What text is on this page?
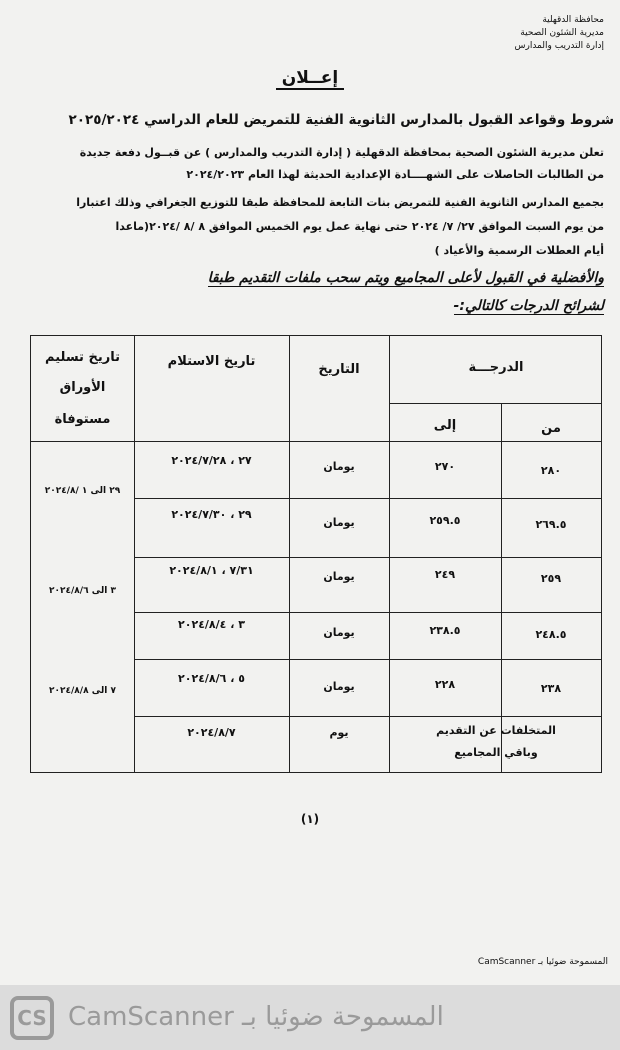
محافظة الدقهلية
مديرية الشئون الصحية
إدارة التدريب والمدارس
إعــلان
شروط وقواعد القبول بالمدارس الثانوية الفنية للتمريض للعام الدراسي ٢٠٢٥/٢٠٢٤
تعلن مديرية الشئون الصحية بمحافظة الدقهلية ( إدارة التدريب والمدارس ) عن قبــول دفعة جديدة
من الطالبات الحاصلات على الشهــــادة الإعدادية الحديثة لهذا العام ٢٠٢٤/٢٠٢٣
بجميع المدارس الثانوية الفنية للتمريض بنات التابعة للمحافظة طبقا للتوزيع الجغرافي وذلك اعتبارا
من يوم السبت الموافق ٢٧/ ٧/ ٢٠٢٤ حتى نهاية عمل يوم الخميس الموافق ٨ /٨ /٢٠٢٤(ماعدا
أيام العطلات الرسمية والأعياد )
والأفضلية في القبول لأعلى المجاميع ويتم سحب ملفات التقديم طبقا
لشرائح الدرجات كالتالي:-
الدرجـــة
من
إلى
التاريخ
تاريخ الاستلام
تاريخ تسليم
الأوراق
مستوفاة
٢٨٠
٢٧٠
يومان
٢٧ ، ٢٠٢٤/٧/٢٨
٢٦٩.٥
٢٥٩.٥
يومان
٢٩ ، ٢٠٢٤/٧/٣٠
٢٥٩
٢٤٩
يومان
٧/٣١ ، ٢٠٢٤/٨/١
٢٤٨.٥
٢٣٨.٥
يومان
٣ ، ٢٠٢٤/٨/٤
٢٣٨
٢٢٨
يومان
٥ ، ٢٠٢٤/٨/٦
المتخلفات عن التقديم
وباقي المجاميع
يوم
٢٠٢٤/٨/٧
٢٩ الى ١ /٢٠٢٤/٨
٣ الى ٢٠٢٤/٨/٦
٧ الى ٢٠٢٤/٨/٨
(١)
المسموحة ضوئيا بـ CamScanner
CS المسموحة ضوئيا بـ CamScanner
